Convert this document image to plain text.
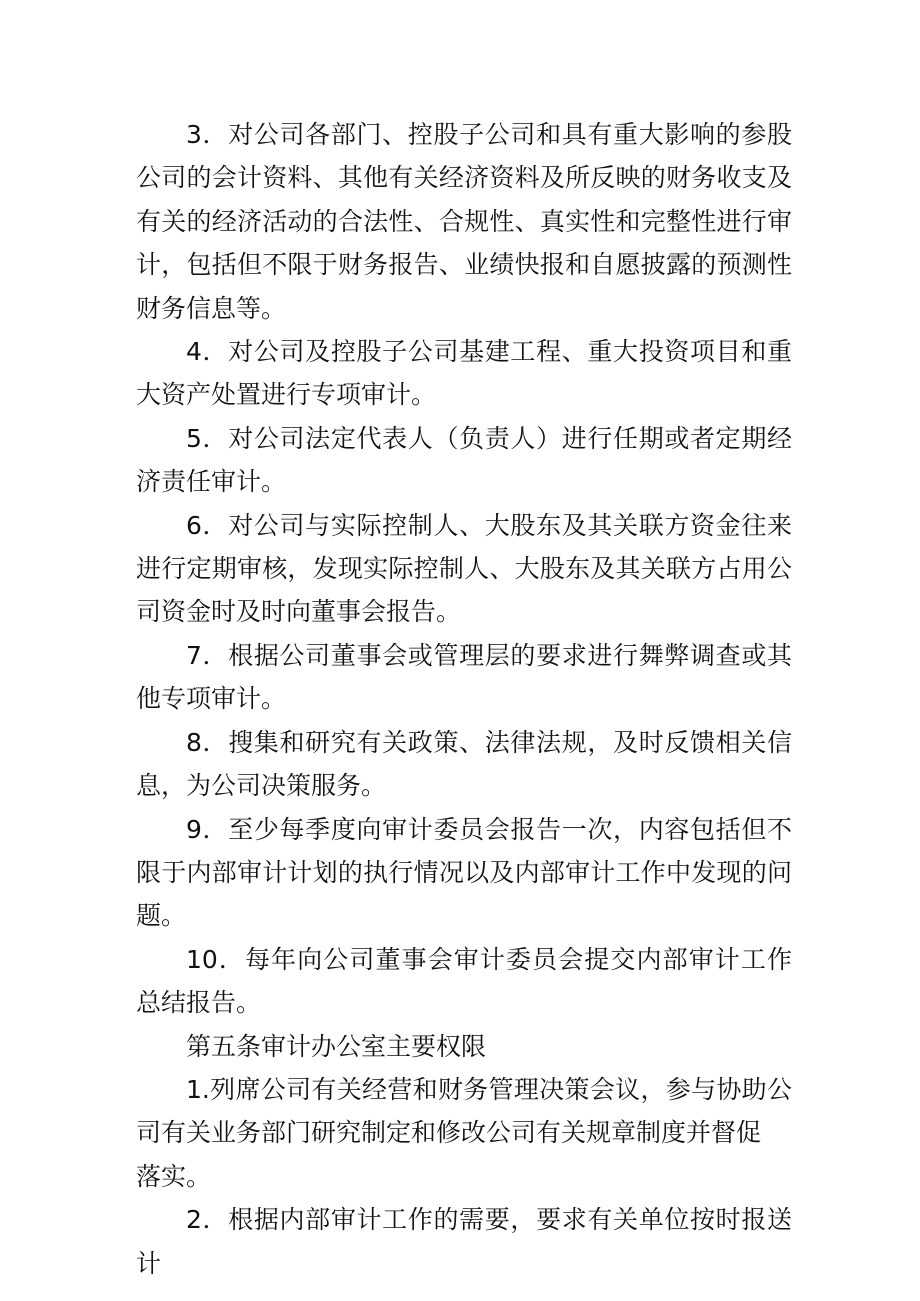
3．对公司各部门、控股子公司和具有重大影响的参股公司的会计资料、其他有关经济资料及所反映的财务收支及有关的经济活动的合法性、合规性、真实性和完整性进行审计，包括但不限于财务报告、业绩快报和自愿披露的预测性财务信息等。

4．对公司及控股子公司基建工程、重大投资项目和重大资产处置进行专项审计。

5．对公司法定代表人（负责人）进行任期或者定期经济责任审计。

6．对公司与实际控制人、大股东及其关联方资金往来进行定期审核，发现实际控制人、大股东及其关联方占用公司资金时及时向董事会报告。

7．根据公司董事会或管理层的要求进行舞弊调查或其他专项审计。

8．搜集和研究有关政策、法律法规，及时反馈相关信息，为公司决策服务。

9．至少每季度向审计委员会报告一次，内容包括但不限于内部审计计划的执行情况以及内部审计工作中发现的问题。

10．每年向公司董事会审计委员会提交内部审计工作总结报告。

第五条审计办公室主要权限

1.列席公司有关经营和财务管理决策会议，参与协助公司有关业务部门研究制定和修改公司有关规章制度并督促

落实。

2．根据内部审计工作的需要，要求有关单位按时报送计
